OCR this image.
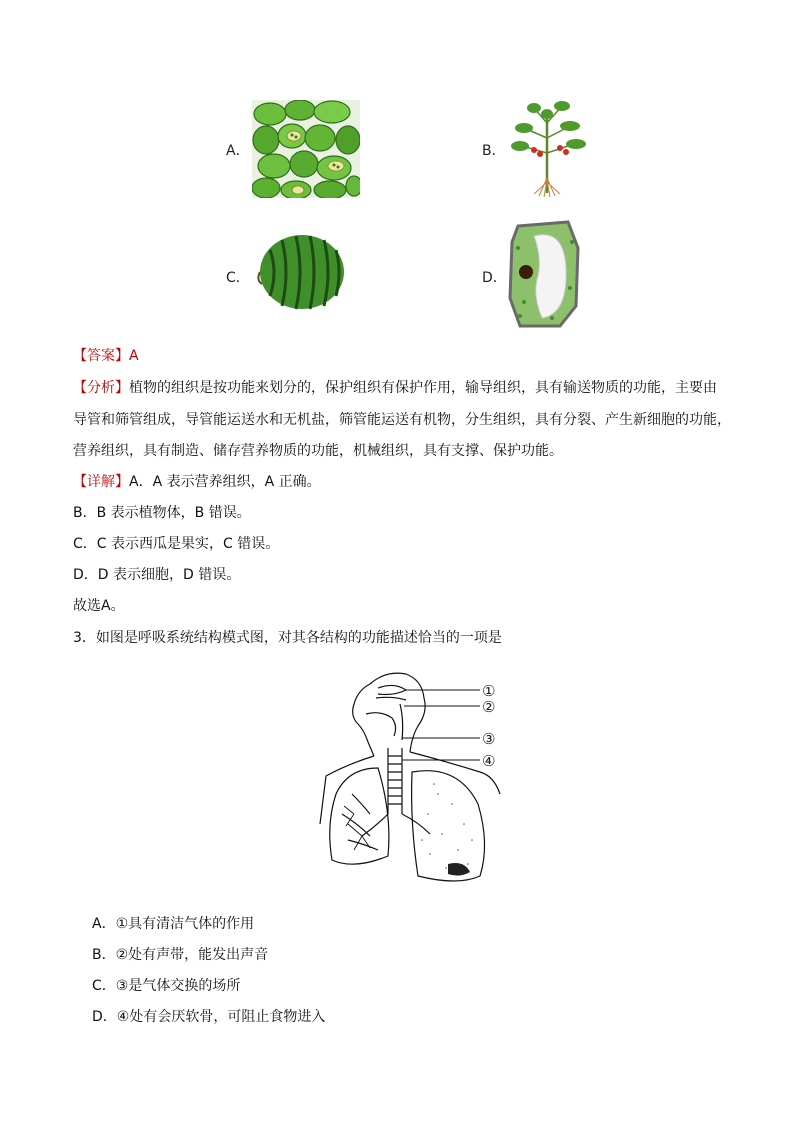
A．	B．
C．	D．
【答案】A
【分析】植物的组织是按功能来划分的，保护组织有保护作用，输导组织，具有输送物质的功能，主要由
导管和筛管组成，导管能运送水和无机盐，筛管能运送有机物，分生组织，具有分裂、产生新细胞的功能，
营养组织，具有制造、储存营养物质的功能，机械组织，具有支撑、保护功能。
【详解】A．A 表示营养组织，A 正确。
B．B 表示植物体，B 错误。
C．C 表示西瓜是果实，C 错误。
D．D 表示细胞，D 错误。
故选A。
3．如图是呼吸系统结构模式图，对其各结构的功能描述恰当的一项是
①
②
③
④
A．①具有清洁气体的作用
B．②处有声带，能发出声音
C．③是气体交换的场所
D．④处有会厌软骨，可阻止食物进入
